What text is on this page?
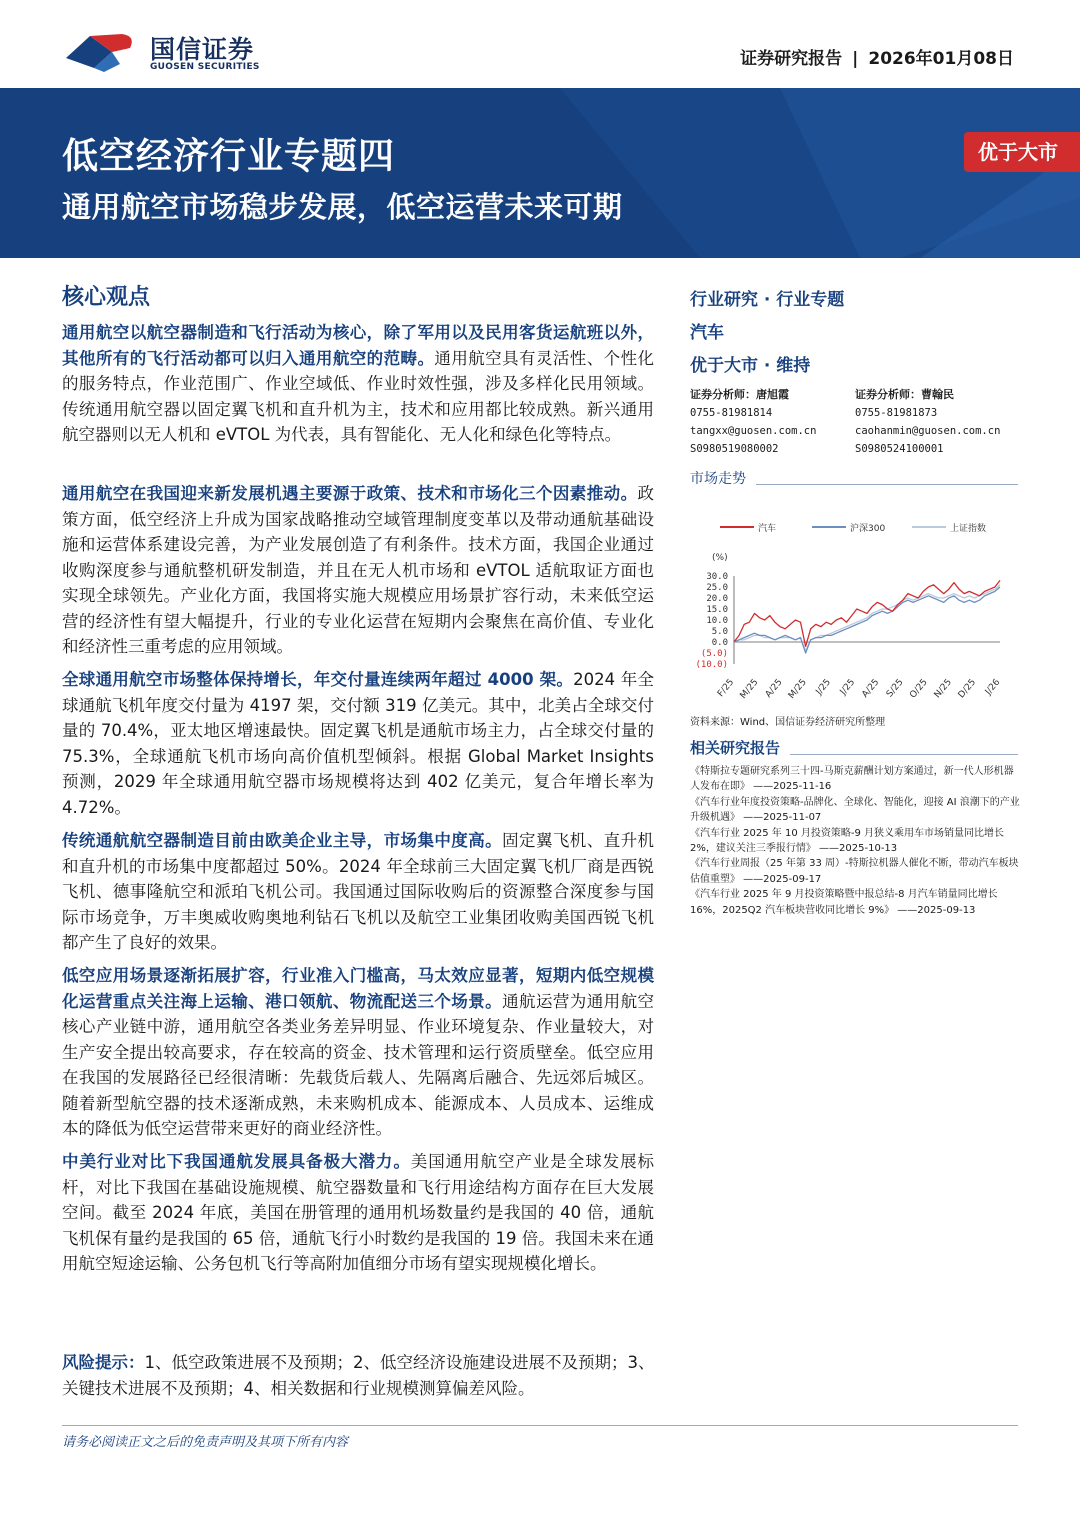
国信证券
GUOSEN SECURITIES	证券研究报告 | 2026年01月08日
低空经济行业专题四
通用航空市场稳步发展，低空运营未来可期
优于大市
核心观点
通用航空以航空器制造和飞行活动为核心，除了军用以及民用客货运航班以外，其他所有的飞行活动都可以归入通用航空的范畴。通用航空具有灵活性、个性化的服务特点，作业范围广、作业空域低、作业时效性强，涉及多样化民用领域。传统通用航空器以固定翼飞机和直升机为主，技术和应用都比较成熟。新兴通用航空器则以无人机和 eVTOL 为代表，具有智能化、无人化和绿色化等特点。
通用航空在我国迎来新发展机遇主要源于政策、技术和市场化三个因素推动。政策方面，低空经济上升成为国家战略推动空域管理制度变革以及带动通航基础设施和运营体系建设完善，为产业发展创造了有利条件。技术方面，我国企业通过收购深度参与通航整机研发制造，并且在无人机市场和 eVTOL 适航取证方面也实现全球领先。产业化方面，我国将实施大规模应用场景扩容行动，未来低空运营的经济性有望大幅提升，行业的专业化运营在短期内会聚焦在高价值、专业化和经济性三重考虑的应用领域。
全球通用航空市场整体保持增长，年交付量连续两年超过 4000 架。2024 年全球通航飞机年度交付量为 4197 架，交付额 319 亿美元。其中，北美占全球交付量的 70.4%，亚太地区增速最快。固定翼飞机是通航市场主力，占全球交付量的 75.3%，全球通航飞机市场向高价值机型倾斜。根据 Global Market Insights 预测，2029 年全球通用航空器市场规模将达到 402 亿美元，复合年增长率为 4.72%。
传统通航航空器制造目前由欧美企业主导，市场集中度高。固定翼飞机、直升机和直升机的市场集中度都超过 50%。2024 年全球前三大固定翼飞机厂商是西锐飞机、德事隆航空和派珀飞机公司。我国通过国际收购后的资源整合深度参与国际市场竞争，万丰奥威收购奥地利钻石飞机以及航空工业集团收购美国西锐飞机都产生了良好的效果。
低空应用场景逐渐拓展扩容，行业准入门槛高，马太效应显著，短期内低空规模化运营重点关注海上运输、港口领航、物流配送三个场景。通航运营为通用航空核心产业链中游，通用航空各类业务差异明显、作业环境复杂、作业量较大，对生产安全提出较高要求，存在较高的资金、技术管理和运行资质壁垒。低空应用在我国的发展路径已经很清晰：先载货后载人、先隔离后融合、先远郊后城区。随着新型航空器的技术逐渐成熟，未来购机成本、能源成本、人员成本、运维成本的降低为低空运营带来更好的商业经济性。
中美行业对比下我国通航发展具备极大潜力。美国通用航空产业是全球发展标杆，对比下我国在基础设施规模、航空器数量和飞行用途结构方面存在巨大发展空间。截至 2024 年底，美国在册管理的通用机场数量约是我国的 40 倍，通航飞机保有量约是我国的 65 倍，通航飞行小时数约是我国的 19 倍。我国未来在通用航空短途运输、公务包机飞行等高附加值细分市场有望实现规模化增长。
风险提示：1、低空政策进展不及预期；2、低空经济设施建设进展不及预期；3、关键技术进展不及预期；4、相关数据和行业规模测算偏差风险。
请务必阅读正文之后的免责声明及其项下所有内容
行业研究 · 行业专题
汽车
优于大市 · 维持
证券分析师：唐旭霞
0755-81981814
tangxx@guosen.com.cn
S0980519080002
证券分析师：曹翰民
0755-81981873
caohanmin@guosen.com.cn
S0980524100001
市场走势
汽车	沪深300	上证指数
(%)
30.0
25.0
20.0
15.0
10.0
5.0
0.0
(5.0)
(10.0)
F/25 M/25 A/25 M/25 J/25 J/25 A/25 S/25 O/25 N/25 D/25 J/26
资料来源：Wind、国信证券经济研究所整理
相关研究报告

《特斯拉专题研究系列三十四-马斯克薪酬计划方案通过，新一代人形机器人发布在即》 ——2025-11-16

《汽车行业年度投资策略-品牌化、全球化、智能化，迎接 AI 浪潮下的产业升级机遇》 ——2025-11-07

《汽车行业 2025 年 10 月投资策略-9 月狭义乘用车市场销量同比增长 2%，建议关注三季报行情》 ——2025-10-13

《汽车行业周报（25 年第 33 周）-特斯拉机器人催化不断，带动汽车板块估值重塑》 ——2025-09-17

《汽车行业 2025 年 9 月投资策略暨中报总结-8 月汽车销量同比增长 16%，2025Q2 汽车板块营收同比增长 9%》 ——2025-09-13
